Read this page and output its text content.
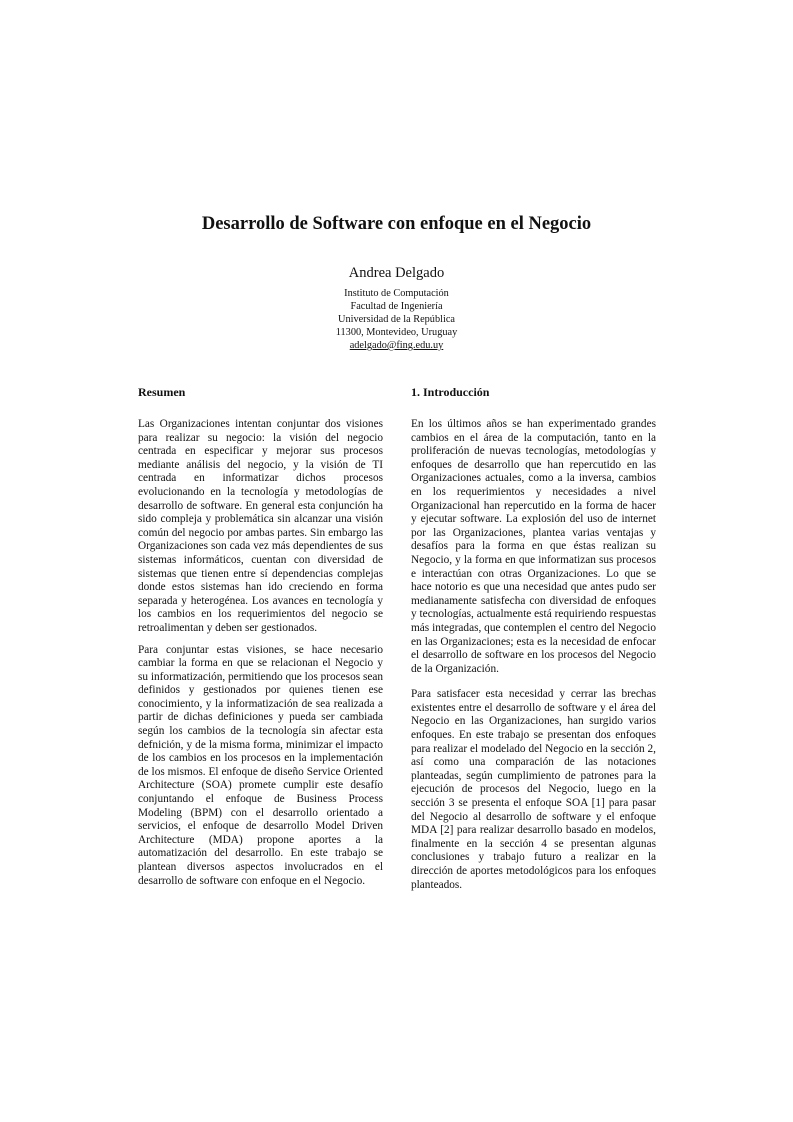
Desarrollo de Software con enfoque en el Negocio
Andrea Delgado
Instituto de Computación
Facultad de Ingeniería
Universidad de la República
11300, Montevideo, Uruguay
adelgado@fing.edu.uy
Resumen

Las Organizaciones intentan conjuntar dos visiones para realizar su negocio: la visión del negocio centrada en especificar y mejorar sus procesos mediante análisis del negocio, y la visión de TI centrada en informatizar dichos procesos evolucionando en la tecnología y metodologías de desarrollo de software. En general esta conjunción ha sido compleja y problemática sin alcanzar una visión común del negocio por ambas partes. Sin embargo las Organizaciones son cada vez más dependientes de sus sistemas informáticos, cuentan con diversidad de sistemas que tienen entre sí dependencias complejas donde estos sistemas han ido creciendo en forma separada y heterogénea. Los avances en tecnología y los cambios en los requerimientos del negocio se retroalimentan y deben ser gestionados.

Para conjuntar estas visiones, se hace necesario cambiar la forma en que se relacionan el Negocio y su informatización, permitiendo que los procesos sean definidos y gestionados por quienes tienen ese conocimiento, y la informatización de sea realizada a partir de dichas definiciones y pueda ser cambiada según los cambios de la tecnología sin afectar esta defnición, y de la misma forma, minimizar el impacto de los cambios en los procesos en la implementación de los mismos. El enfoque de diseño Service Oriented Architecture (SOA) promete cumplir este desafío conjuntando el enfoque de Business Process Modeling (BPM) con el desarrollo orientado a servicios, el enfoque de desarrollo Model Driven Architecture (MDA) propone aportes a la automatización del desarrollo. En este trabajo se plantean diversos aspectos involucrados en el desarrollo de software con enfoque en el Negocio.

1. Introducción

En los últimos años se han experimentado grandes cambios en el área de la computación, tanto en la proliferación de nuevas tecnologías, metodologías y enfoques de desarrollo que han repercutido en las Organizaciones actuales, como a la inversa, cambios en los requerimientos y necesidades a nivel Organizacional han repercutido en la forma de hacer y ejecutar software. La explosión del uso de internet por las Organizaciones, plantea varias ventajas y desafíos para la forma en que éstas realizan su Negocio, y la forma en que informatizan sus procesos e interactúan con otras Organizaciones. Lo que se hace notorio es que una necesidad que antes pudo ser medianamente satisfecha con diversidad de enfoques y tecnologías, actualmente está requiriendo respuestas más integradas, que contemplen el centro del Negocio en las Organizaciones; esta es la necesidad de enfocar el desarrollo de software en los procesos del Negocio de la Organización.

Para satisfacer esta necesidad y cerrar las brechas existentes entre el desarrollo de software y el área del Negocio en las Organizaciones, han surgido varios enfoques. En este trabajo se presentan dos enfoques para realizar el modelado del Negocio en la sección 2, así como una comparación de las notaciones planteadas, según cumplimiento de patrones para la ejecución de procesos del Negocio, luego en la sección 3 se presenta el enfoque SOA [1] para pasar del Negocio al desarrollo de software y el enfoque MDA [2] para realizar desarrollo basado en modelos, finalmente en la sección 4 se presentan algunas conclusiones y trabajo futuro a realizar en la dirección de aportes metodológicos para los enfoques planteados.
